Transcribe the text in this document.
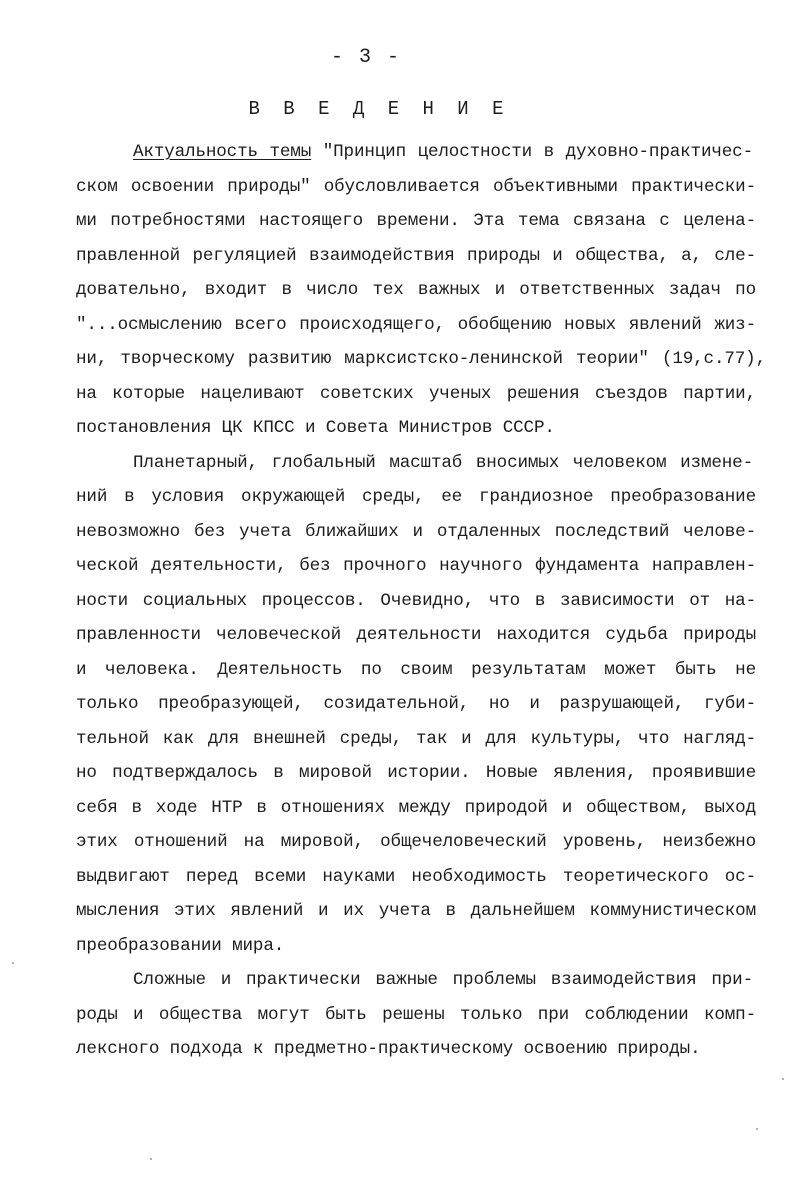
- 3 -
В В Е Д Е Н И Е
Актуальность темы "Принцип целостности в духовно-практичес-
ском освоении природы" обусловливается объективными практически-
ми потребностями настоящего времени. Эта тема связана с целена-
правленной регуляцией взаимодействия природы и общества, а, сле-
довательно, входит в число тех важных и ответственных задач по
"...осмыслению всего происходящего, обобщению новых явлений жиз-
ни, творческому развитию марксистско-ленинской теории" (19,с.77),
на которые нацеливают советских ученых решения съездов партии,
постановления ЦК КПСС и Совета Министров СССР.
Планетарный, глобальный масштаб вносимых человеком измене-
ний в условия окружающей среды, ее грандиозное преобразование
невозможно без учета ближайших и отдаленных последствий челове-
ческой деятельности, без прочного научного фундамента направлен-
ности социальных процессов. Очевидно, что в зависимости от на-
правленности человеческой деятельности находится судьба природы
и человека. Деятельность по своим результатам может быть не
только преобразующей, созидательной, но и разрушающей, губи-
тельной как для внешней среды, так и для культуры, что нагляд-
но подтверждалось в мировой истории. Новые явления, проявившие
себя в ходе НТР в отношениях между природой и обществом, выход
этих отношений на мировой, общечеловеческий уровень, неизбежно
выдвигают перед всеми науками необходимость теоретического ос-
мысления этих явлений и их учета в дальнейшем коммунистическом
преобразовании мира.
Сложные и практически важные проблемы взаимодействия при-
роды и общества могут быть решены только при соблюдении комп-
лексного подхода к предметно-практическому освоению природы.
